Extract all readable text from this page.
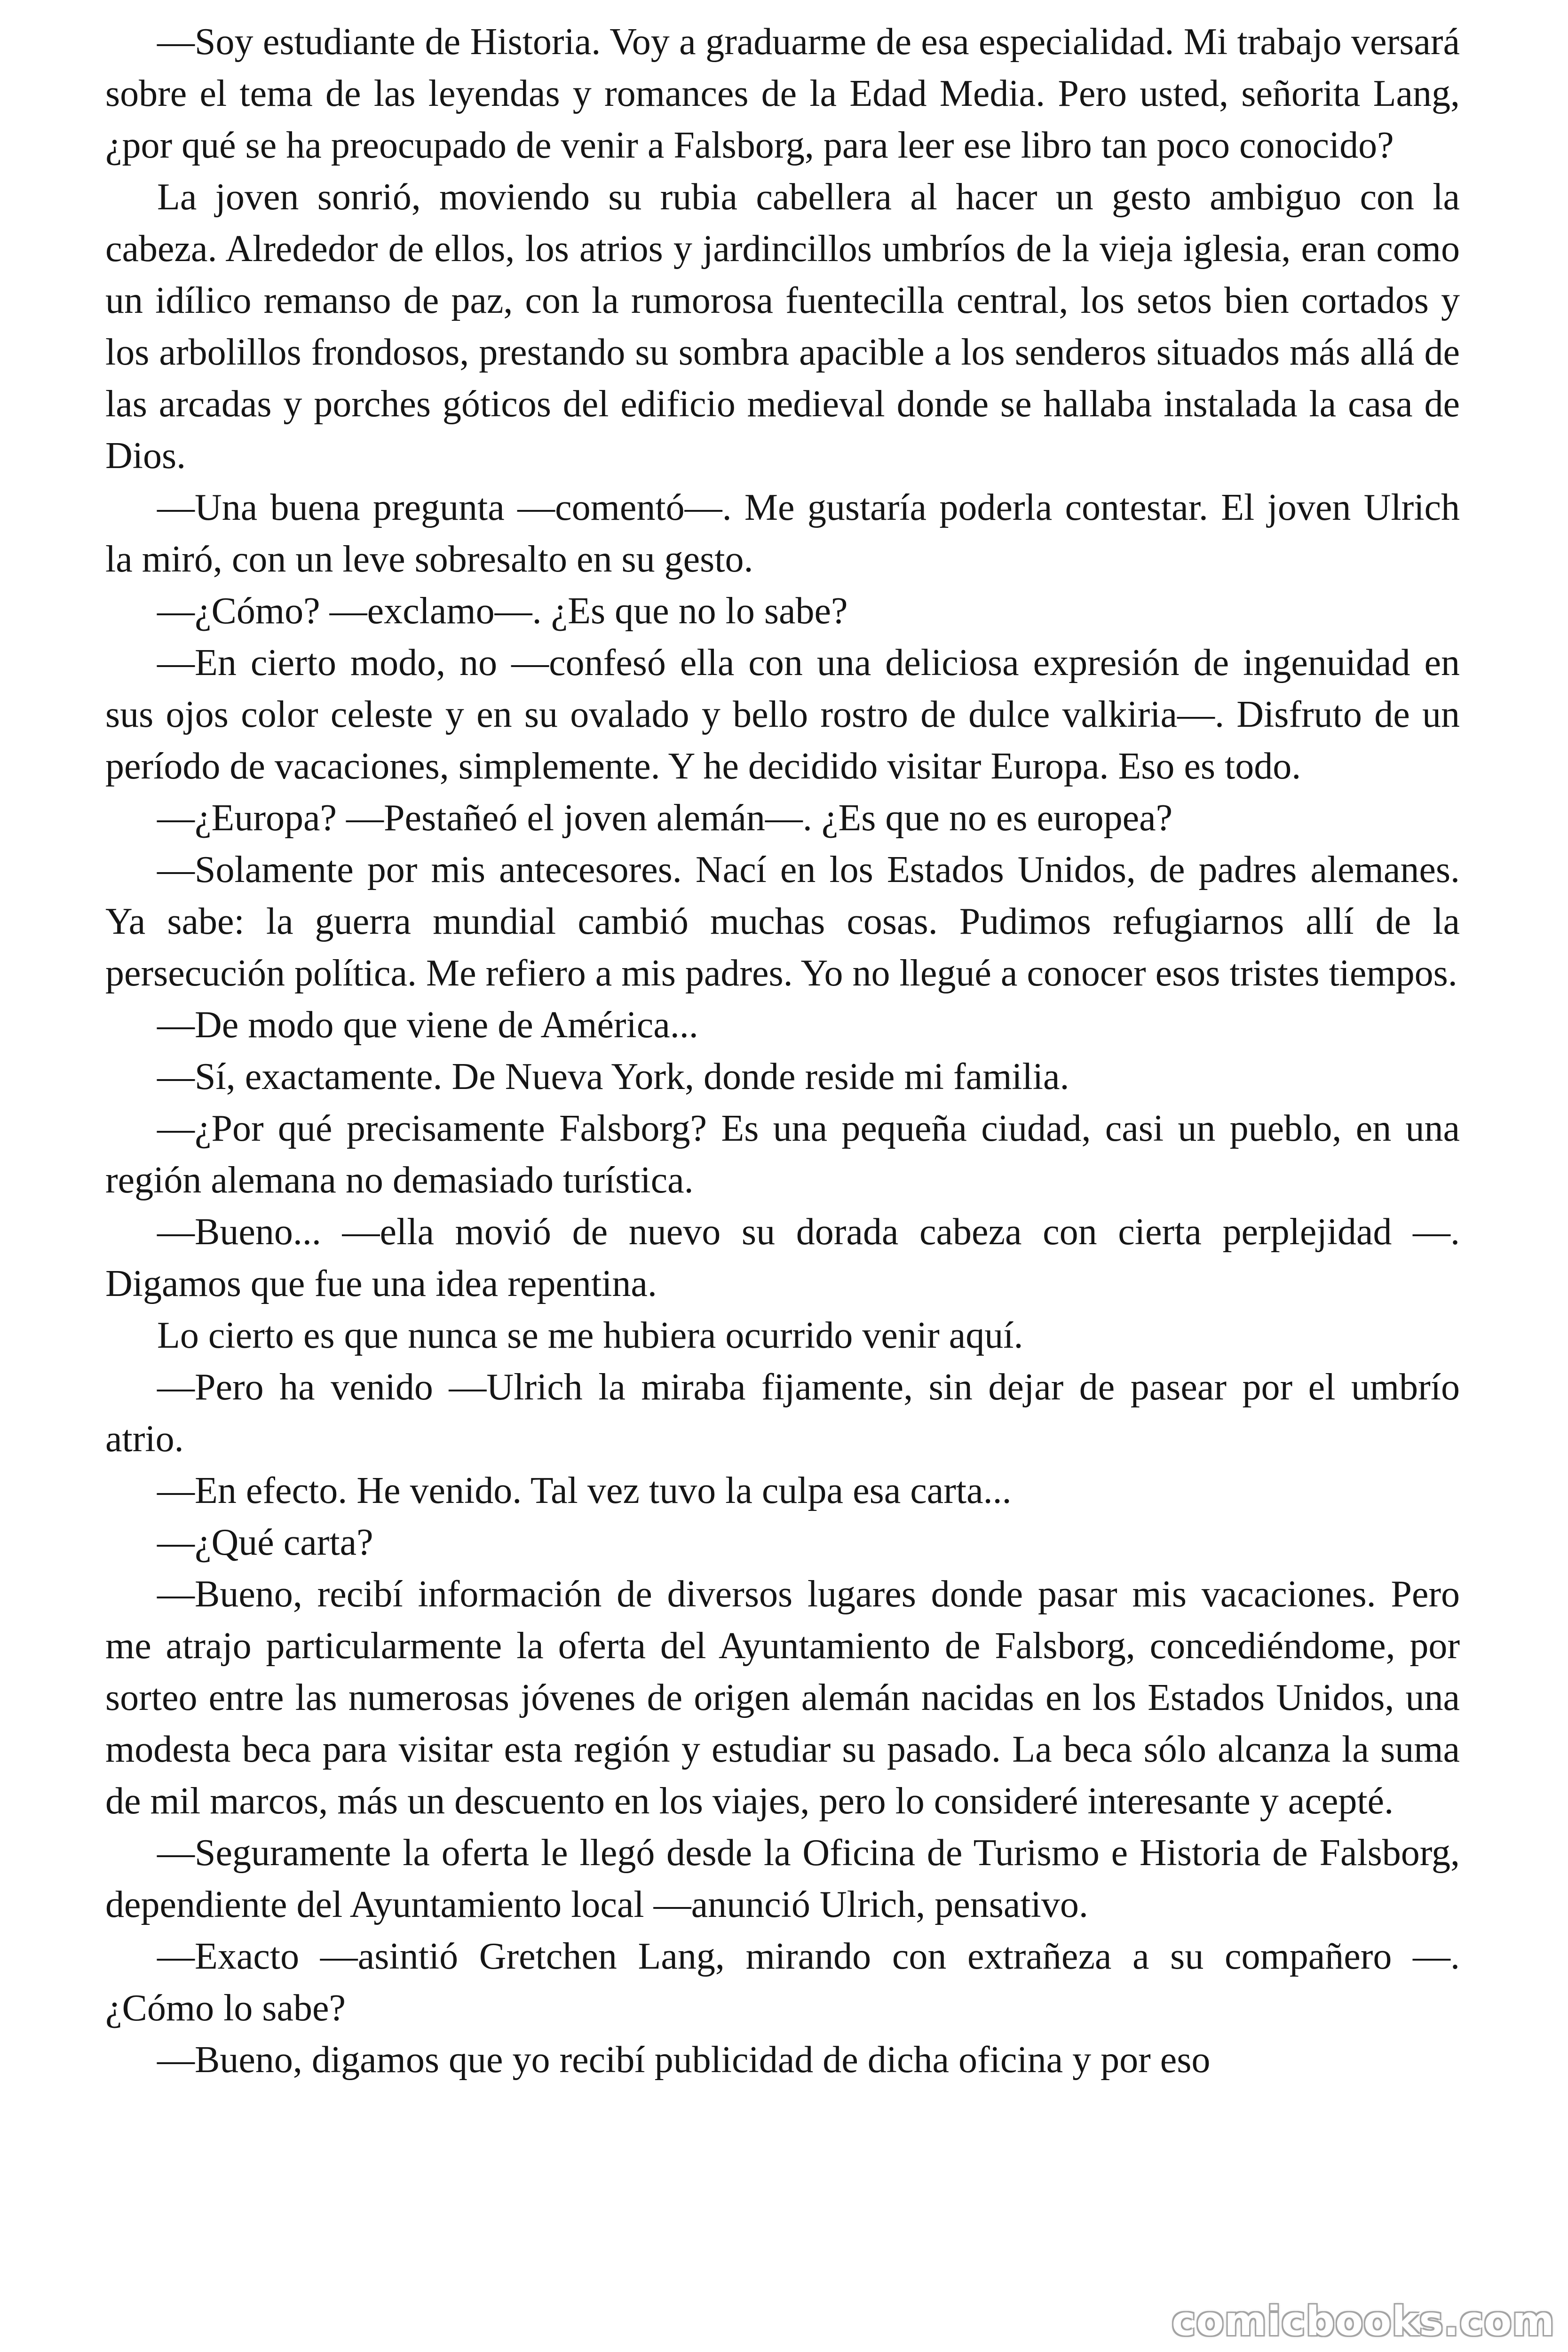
—Soy estudiante de Historia. Voy a graduarme de esa especialidad. Mi trabajo versará sobre el tema de las leyendas y romances de la Edad Media. Pero usted, señorita Lang, ¿por qué se ha preocupado de venir a Falsborg, para leer ese libro tan poco conocido?

La joven sonrió, moviendo su rubia cabellera al hacer un gesto ambiguo con la cabeza. Alrededor de ellos, los atrios y jardincillos umbríos de la vieja iglesia, eran como un idílico remanso de paz, con la rumorosa fuentecilla central, los setos bien cortados y los arbolillos frondosos, prestando su sombra apacible a los senderos situados más allá de las arcadas y porches góticos del edificio medieval donde se hallaba instalada la casa de Dios.

—Una buena pregunta —comentó—. Me gustaría poderla contestar. El joven Ulrich la miró, con un leve sobresalto en su gesto.

—¿Cómo? —exclamo—. ¿Es que no lo sabe?

—En cierto modo, no —confesó ella con una deliciosa expresión de ingenuidad en sus ojos color celeste y en su ovalado y bello rostro de dulce valkiria—. Disfruto de un período de vacaciones, simplemente. Y he decidido visitar Europa. Eso es todo.

—¿Europa? —Pestañeó el joven alemán—. ¿Es que no es europea?

—Solamente por mis antecesores. Nací en los Estados Unidos, de padres alemanes. Ya sabe: la guerra mundial cambió muchas cosas. Pudimos refugiarnos allí de la persecución política. Me refiero a mis padres. Yo no llegué a conocer esos tristes tiempos.

—De modo que viene de América...

—Sí, exactamente. De Nueva York, donde reside mi familia.

—¿Por qué precisamente Falsborg? Es una pequeña ciudad, casi un pueblo, en una región alemana no demasiado turística.

—Bueno... —ella movió de nuevo su dorada cabeza con cierta perplejidad —. Digamos que fue una idea repentina.

Lo cierto es que nunca se me hubiera ocurrido venir aquí.

—Pero ha venido —Ulrich la miraba fijamente, sin dejar de pasear por el umbrío atrio.

—En efecto. He venido. Tal vez tuvo la culpa esa carta...

—¿Qué carta?

—Bueno, recibí información de diversos lugares donde pasar mis vacaciones. Pero me atrajo particularmente la oferta del Ayuntamiento de Falsborg, concediéndome, por sorteo entre las numerosas jóvenes de origen alemán nacidas en los Estados Unidos, una modesta beca para visitar esta región y estudiar su pasado. La beca sólo alcanza la suma de mil marcos, más un descuento en los viajes, pero lo consideré interesante y acepté.

—Seguramente la oferta le llegó desde la Oficina de Turismo e Historia de Falsborg, dependiente del Ayuntamiento local —anunció Ulrich, pensativo.

—Exacto —asintió Gretchen Lang, mirando con extrañeza a su compañero —. ¿Cómo lo sabe?

—Bueno, digamos que yo recibí publicidad de dicha oficina y por eso

comicbooks.com
